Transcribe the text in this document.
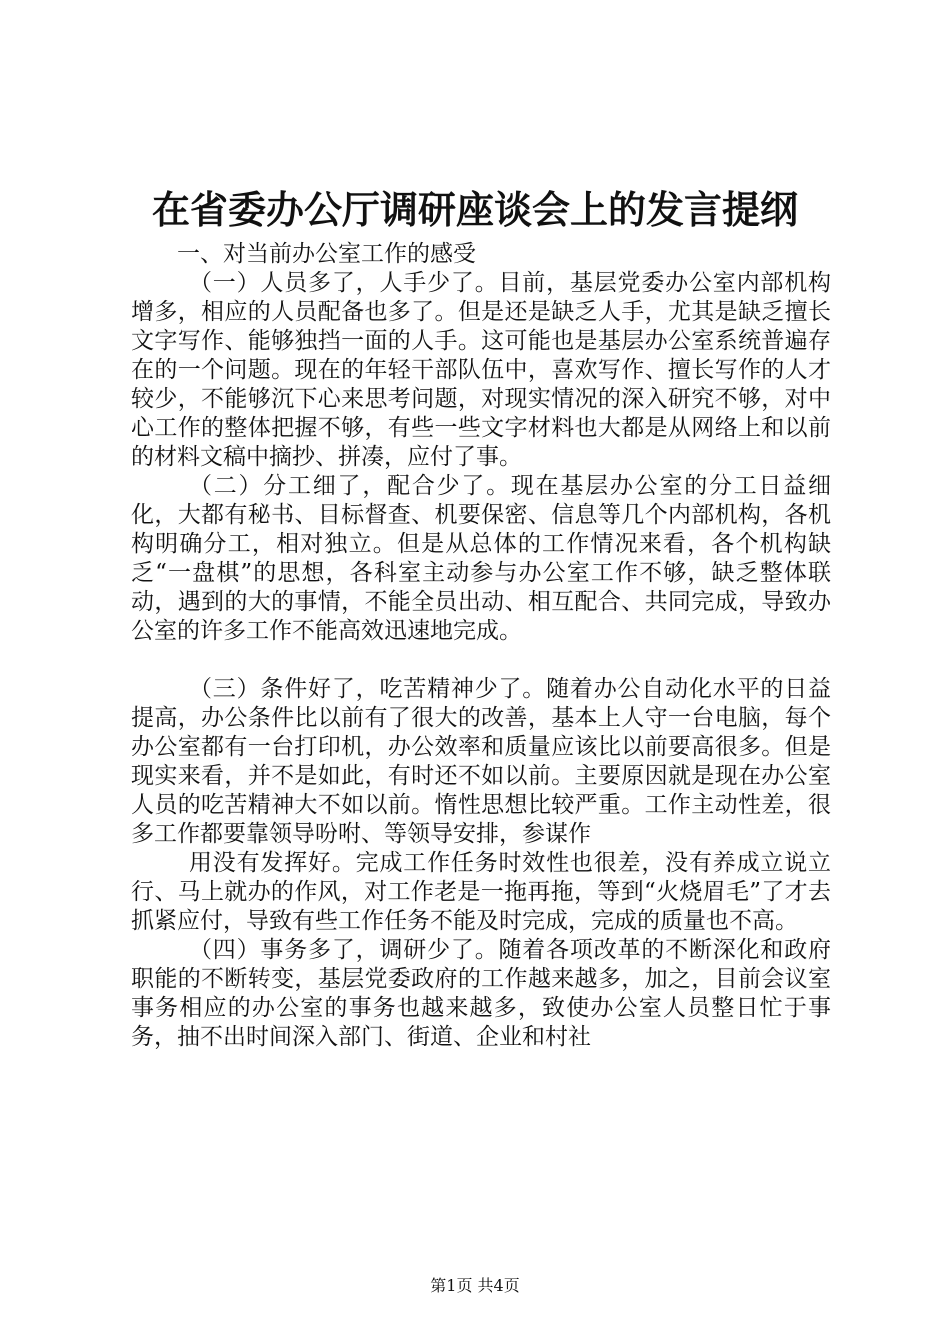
在省委办公厅调研座谈会上的发言提纲

一、对当前办公室工作的感受

（一）人员多了，人手少了。目前，基层党委办公室内部机构增多，相应的人员配备也多了。但是还是缺乏人手，尤其是缺乏擅长文字写作、能够独挡一面的人手。这可能也是基层办公室系统普遍存在的一个问题。现在的年轻干部队伍中，喜欢写作、擅长写作的人才较少，不能够沉下心来思考问题，对现实情况的深入研究不够，对中心工作的整体把握不够，有些一些文字材料也大都是从网络上和以前的材料文稿中摘抄、拼凑，应付了事。

（二）分工细了，配合少了。现在基层办公室的分工日益细化，大都有秘书、目标督查、机要保密、信息等几个内部机构，各机构明确分工，相对独立。但是从总体的工作情况来看，各个机构缺乏“一盘棋”的思想，各科室主动参与办公室工作不够，缺乏整体联动，遇到的大的事情，不能全员出动、相互配合、共同完成，导致办公室的许多工作不能高效迅速地完成。

（三）条件好了，吃苦精神少了。随着办公自动化水平的日益提高，办公条件比以前有了很大的改善，基本上人守一台电脑，每个办公室都有一台打印机，办公效率和质量应该比以前要高很多。但是现实来看，并不是如此，有时还不如以前。主要原因就是现在办公室人员的吃苦精神大不如以前。惰性思想比较严重。工作主动性差，很多工作都要靠领导吩咐、等领导安排，参谋作

用没有发挥好。完成工作任务时效性也很差，没有养成立说立行、马上就办的作风，对工作老是一拖再拖，等到“火烧眉毛”了才去抓紧应付，导致有些工作任务不能及时完成，完成的质量也不高。

（四）事务多了，调研少了。随着各项改革的不断深化和政府职能的不断转变，基层党委政府的工作越来越多，加之，目前会议室事务相应的办公室的事务也越来越多，致使办公室人员整日忙于事务，抽不出时间深入部门、街道、企业和村社

第1页 共4页
